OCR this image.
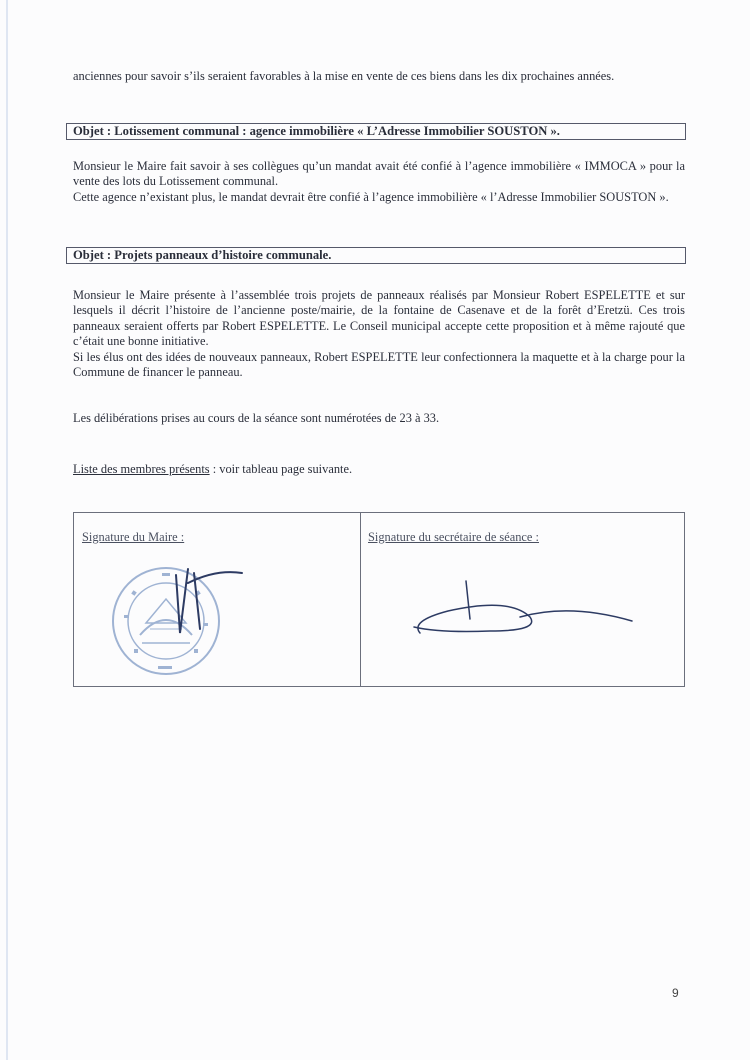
anciennes pour savoir s’ils seraient favorables à la mise en vente de ces biens dans les dix prochaines années.

Objet : Lotissement communal : agence immobilière « L’Adresse Immobilier SOUSTON ».

Monsieur le Maire fait savoir à ses collègues qu’un mandat avait été confié à l’agence immobilière « IMMOCA » pour la vente des lots du Lotissement communal.

Cette agence n’existant plus, le mandat devrait être confié à l’agence immobilière « l’Adresse Immobilier SOUSTON ».

Objet : Projets panneaux d’histoire communale.

Monsieur le Maire présente à l’assemblée trois projets de panneaux réalisés par Monsieur Robert ESPELETTE et sur lesquels il décrit l’histoire de l’ancienne poste/mairie, de la fontaine de Casenave et de la forêt d’Eretzü. Ces trois panneaux seraient offerts par Robert ESPELETTE. Le Conseil municipal accepte cette proposition et à même rajouté que c’était une bonne initiative.

Si les élus ont des idées de nouveaux panneaux, Robert ESPELETTE leur confectionnera la maquette et à la charge pour la Commune de financer le panneau.

Les délibérations prises au cours de la séance sont numérotées de 23 à 33.

Liste des membres présents : voir tableau page suivante.

Signature du Maire :	Signature du secrétaire de séance :
9
